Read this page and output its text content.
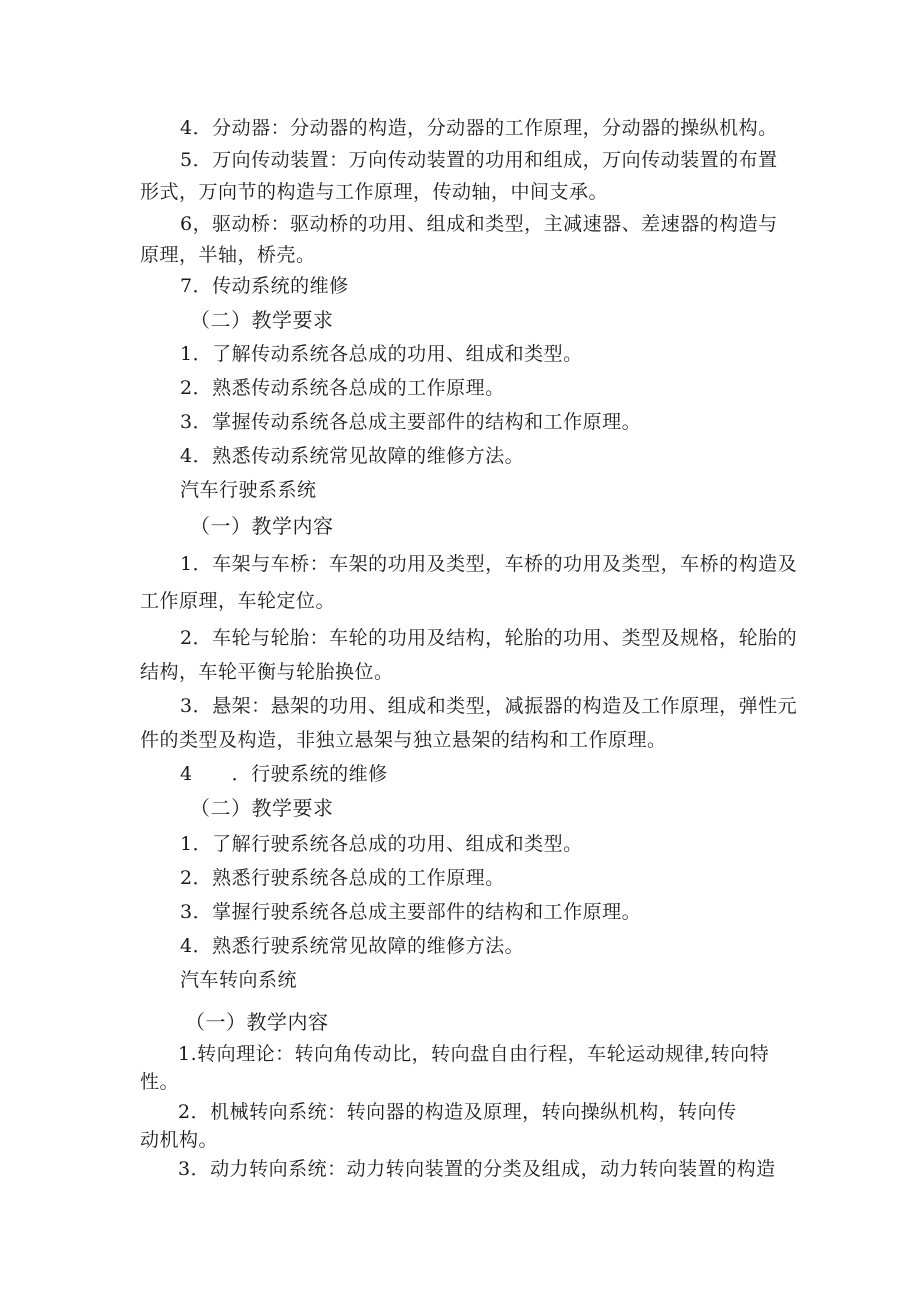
4．分动器：分动器的构造，分动器的工作原理，分动器的操纵机构。
5．万向传动装置：万向传动装置的功用和组成，万向传动装置的布置
形式，万向节的构造与工作原理，传动轴，中间支承。
6，驱动桥：驱动桥的功用、组成和类型，主减速器、差速器的构造与
原理，半轴，桥壳。
7．传动系统的维修
（二）教学要求
1．了解传动系统各总成的功用、组成和类型。
2．熟悉传动系统各总成的工作原理。
3．掌握传动系统各总成主要部件的结构和工作原理。
4．熟悉传动系统常见故障的维修方法。
汽车行驶系系统
（一）教学内容
1．车架与车桥：车架的功用及类型，车桥的功用及类型，车桥的构造及
工作原理，车轮定位。
2．车轮与轮胎：车轮的功用及结构，轮胎的功用、类型及规格，轮胎的
结构，车轮平衡与轮胎换位。
3．悬架：悬架的功用、组成和类型，减振器的构造及工作原理，弹性元
件的类型及构造，非独立悬架与独立悬架的结构和工作原理。
4　　．行驶系统的维修
（二）教学要求
1．了解行驶系统各总成的功用、组成和类型。
2．熟悉行驶系统各总成的工作原理。
3．掌握行驶系统各总成主要部件的结构和工作原理。
4．熟悉行驶系统常见故障的维修方法。
汽车转向系统
（一）教学内容
1.转向理论：转向角传动比，转向盘自由行程，车轮运动规律,转向特
性。
2．机械转向系统：转向器的构造及原理，转向操纵机构，转向传
动机构。
3．动力转向系统：动力转向装置的分类及组成，动力转向装置的构造
